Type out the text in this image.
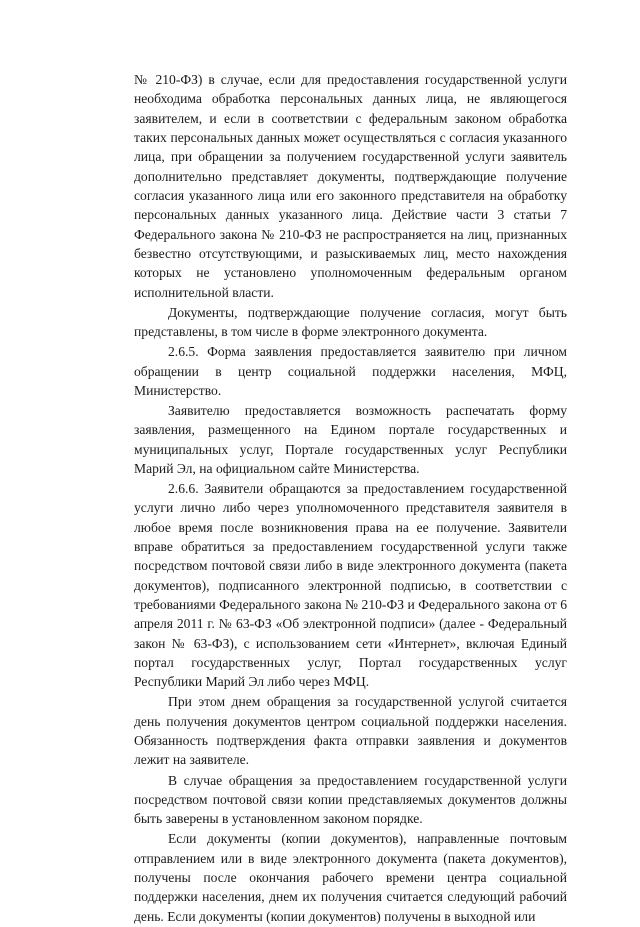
№ 210-ФЗ) в случае, если для предоставления государственной услуги необходима обработка персональных данных лица, не являющегося заявителем, и если в соответствии с федеральным законом обработка таких персональных данных может осуществляться с согласия указанного лица, при обращении за получением государственной услуги заявитель дополнительно представляет документы, подтверждающие получение согласия указанного лица или его законного представителя на обработку персональных данных указанного лица. Действие части 3 статьи 7 Федерального закона № 210-ФЗ не распространяется на лиц, признанных безвестно отсутствующими, и разыскиваемых лиц, место нахождения которых не установлено уполномоченным федеральным органом исполнительной власти.

Документы, подтверждающие получение согласия, могут быть представлены, в том числе в форме электронного документа.

2.6.5. Форма заявления предоставляется заявителю при личном обращении в центр социальной поддержки населения, МФЦ, Министерство.

Заявителю предоставляется возможность распечатать форму заявления, размещенного на Едином портале государственных и муниципальных услуг, Портале государственных услуг Республики Марий Эл, на официальном сайте Министерства.

2.6.6. Заявители обращаются за предоставлением государственной услуги лично либо через уполномоченного представителя заявителя в любое время после возникновения права на ее получение. Заявители вправе обратиться за предоставлением государственной услуги также посредством почтовой связи либо в виде электронного документа (пакета документов), подписанного электронной подписью, в соответствии с требованиями Федерального закона № 210-ФЗ и Федерального закона от 6 апреля 2011 г. № 63-ФЗ «Об электронной подписи» (далее - Федеральный закон № 63-ФЗ), с использованием сети «Интернет», включая Единый портал государственных услуг, Портал государственных услуг Республики Марий Эл либо через МФЦ.

При этом днем обращения за государственной услугой считается день получения документов центром социальной поддержки населения. Обязанность подтверждения факта отправки заявления и документов лежит на заявителе.

В случае обращения за предоставлением государственной услуги посредством почтовой связи копии представляемых документов должны быть заверены в установленном законом порядке.

Если документы (копии документов), направленные почтовым отправлением или в виде электронного документа (пакета документов), получены после окончания рабочего времени центра социальной поддержки населения, днем их получения считается следующий рабочий день. Если документы (копии документов) получены в выходной или
